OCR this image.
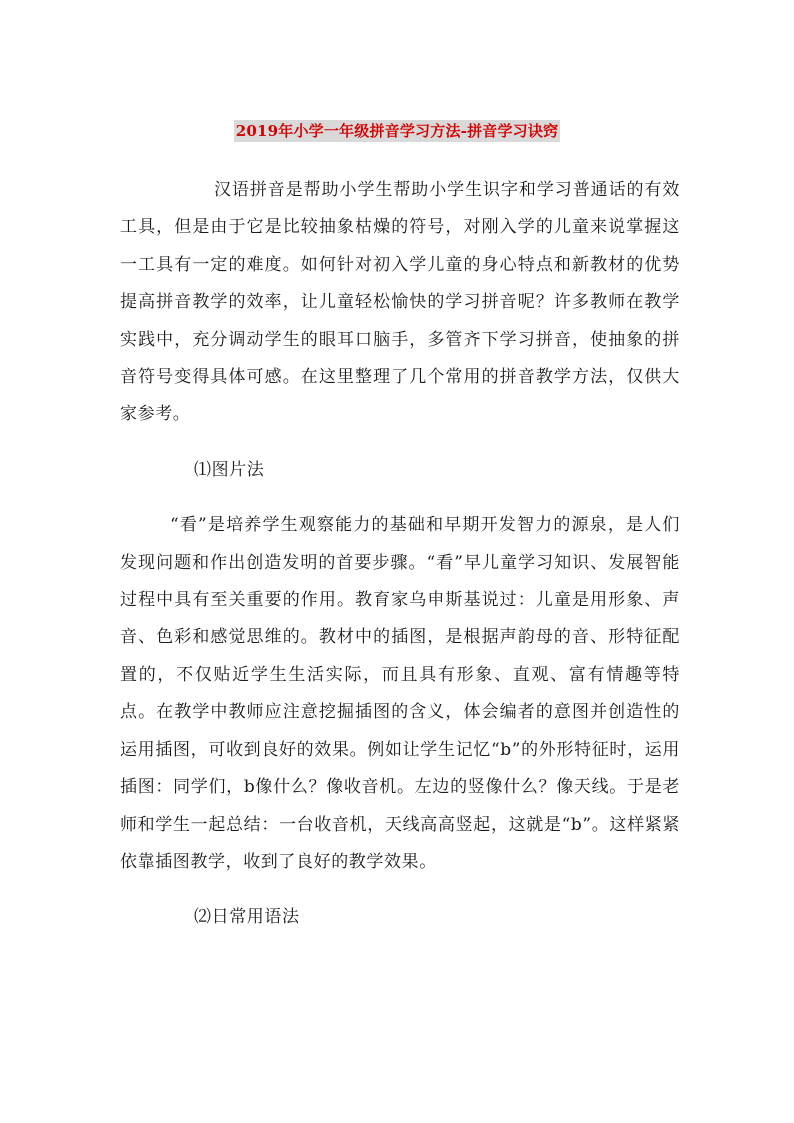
2019年小学一年级拼音学习方法-拼音学习诀窍

汉语拼音是帮助小学生帮助小学生识字和学习普通话的有效工具，但是由于它是比较抽象枯燥的符号，对刚入学的儿童来说掌握这一工具有一定的难度。如何针对初入学儿童的身心特点和新教材的优势提高拼音教学的效率，让儿童轻松愉快的学习拼音呢？许多教师在教学实践中，充分调动学生的眼耳口脑手，多管齐下学习拼音，使抽象的拼音符号变得具体可感。在这里整理了几个常用的拼音教学方法，仅供大家参考。

⑴图片法

“看”是培养学生观察能力的基础和早期开发智力的源泉，是人们发现问题和作出创造发明的首要步骤。“看”早儿童学习知识、发展智能过程中具有至关重要的作用。教育家乌申斯基说过：儿童是用形象、声音、色彩和感觉思维的。教材中的插图，是根据声韵母的音、形特征配置的，不仅贴近学生生活实际，而且具有形象、直观、富有情趣等特点。在教学中教师应注意挖掘插图的含义，体会编者的意图并创造性的运用插图，可收到良好的效果。例如让学生记忆“b”的外形特征时，运用插图：同学们，b像什么？像收音机。左边的竖像什么？像天线。于是老师和学生一起总结：一台收音机，天线高高竖起，这就是“b”。这样紧紧依靠插图教学，收到了良好的教学效果。

⑵日常用语法
